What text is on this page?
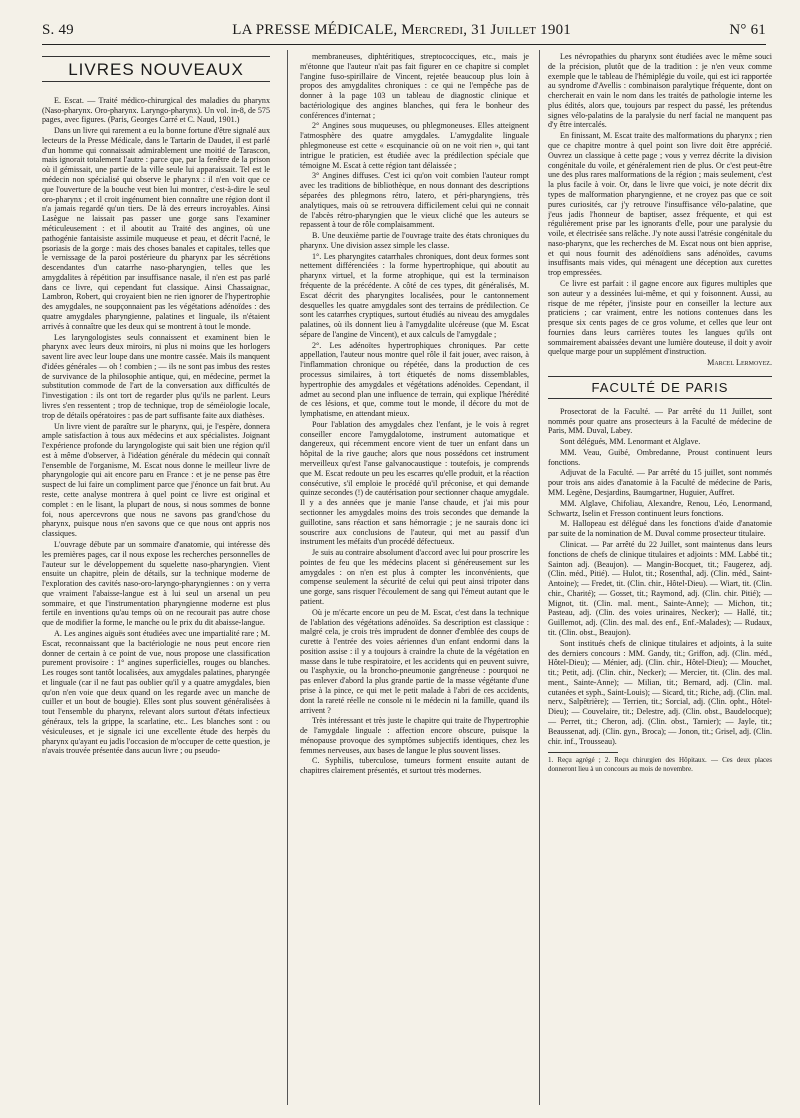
S. 49	LA PRESSE MÉDICALE, Mercredi, 31 Juillet 1901	N° 61
LIVRES NOUVEAUX

E. Escat. — Traité médico-chirurgical des maladies du pharynx (Naso-pharynx. Oro-pharynx. Laryngo-pharynx). Un vol. in-8, de 575 pages, avec figures. (Paris, Georges Carré et C. Naud, 1901.)

Dans un livre qui rarement a eu la bonne fortune d'être signalé aux lecteurs de la Presse Médicale, dans le Tartarin de Daudet, il est parlé d'un homme qui connaissait admirablement une moitié de Tarascon, mais ignorait totalement l'autre : parce que, par la fenêtre de la prison où il gémissait, une partie de la ville seule lui apparaissait. Tel est le médecin non spécialisé qui observe le pharynx : il n'en voit que ce que l'ouverture de la bouche veut bien lui montrer, c'est-à-dire le seul oro-pharynx ; et il croit ingénument bien connaître une région dont il n'a jamais regardé qu'un tiers. De là des erreurs incroyables. Ainsi Lasègue ne laissait pas passer une gorge sans l'examiner méticuleusement : et il aboutit au Traité des angines, où une pathogénie fantaisiste assimile muqueuse et peau, et décrit l'acné, le psoriasis de la gorge : mais des choses banales et capitales, telles que le vernissage de la paroi postérieure du pharynx par les sécrétions descendantes d'un catarrhe naso-pharyngien, telles que les amygdalites à répétition par insuffisance nasale, il n'en est pas parlé dans ce livre, qui cependant fut classique. Ainsi Chassaignac, Lambron, Robert, qui croyaient bien ne rien ignorer de l'hypertrophie des amygdales, ne soupçonnaient pas les végétations adénoïdes : des quatre amygdales pharyngienne, palatines et linguale, ils n'étaient arrivés à connaître que les deux qui se montrent à tout le monde.

Les laryngologistes seuls connaissent et examinent bien le pharynx avec leurs deux miroirs, ni plus ni moins que les horlogers savent lire avec leur loupe dans une montre cassée. Mais ils manquent d'idées générales — oh ! combien ; — ils ne sont pas imbus des restes de survivance de la philosophie antique, qui, en médecine, permet la substitution commode de l'art de la conversation aux difficultés de l'investigation : ils ont tort de regarder plus qu'ils ne parlent. Leurs livres s'en ressentent ; trop de technique, trop de séméiologie locale, trop de détails opératoires : pas de part suffisante faite aux diathèses.

Un livre vient de paraître sur le pharynx, qui, je l'espère, donnera ample satisfaction à tous aux médecins et aux spécialistes. Joignant l'expérience profonde du laryngologiste qui sait bien une région qu'il est à même d'observer, à l'idéation générale du médecin qui connaît l'ensemble de l'organisme, M. Escat nous donne le meilleur livre de pharyngologie qui ait encore paru en France : et je ne pense pas être suspect de lui faire un compliment parce que j'énonce un fait brut. Au reste, cette analyse montrera à quel point ce livre est original et complet : en le lisant, la plupart de nous, si nous sommes de bonne foi, nous apercevrons que nous ne savons pas grand'chose du pharynx, puisque nous n'en savons que ce que nous ont appris nos classiques.

L'ouvrage débute par un sommaire d'anatomie, qui intéresse dès les premières pages, car il nous expose les recherches personnelles de l'auteur sur le développement du squelette naso-pharyngien. Vient ensuite un chapitre, plein de détails, sur la technique moderne de l'exploration des cavités naso-oro-laryngo-pharyngiennes : on y verra que vraiment l'abaisse-langue est à lui seul un arsenal un peu sommaire, et que l'instrumentation pharyngienne moderne est plus fertile en inventions qu'au temps où on ne recourait pas autre chose que de modifier la forme, le manche ou le prix du dit abaisse-langue.

A. Les angines aiguës sont étudiées avec une impartialité rare ; M. Escat, reconnaissant que la bactériologie ne nous peut encore rien donner de certain à ce point de vue, nous propose une classification purement provisoire : 1° angines superficielles, rouges ou blanches. Les rouges sont tantôt localisées, aux amygdales palatines, pharyngée et linguale (car il ne faut pas oublier qu'il y a quatre amygdales, bien qu'on n'en voie que deux quand on les regarde avec un manche de cuiller et un bout de bougie). Elles sont plus souvent généralisées à tout l'ensemble du pharynx, relevant alors surtout d'états infectieux généraux, tels la grippe, la scarlatine, etc.. Les blanches sont : ou vésiculeuses, et je signale ici une excellente étude des herpès du pharynx qu'ayant eu jadis l'occasion de m'occuper de cette question, je n'avais trouvée présentée dans aucun livre ; ou pseudo-

membraneuses, diphtéritiques, streptococciques, etc., mais je m'étonne que l'auteur n'ait pas fait figurer en ce chapitre si complet l'angine fuso-spirillaire de Vincent, rejetée beaucoup plus loin à propos des amygdalites chroniques : ce qui ne l'empêche pas de donner à la page 103 un tableau de diagnostic clinique et bactériologique des angines blanches, qui fera le bonheur des conférences d'internat ;

2° Angines sous muqueuses, ou phlegmoneuses. Elles atteignent l'atmosphère des quatre amygdales. L'amygdalite linguale phlegmoneuse est cette « escquinancie où on ne voit rien », qui tant intrigue le praticien, est étudiée avec la prédilection spéciale que témoigne M. Escat à cette région tant délaissée ;

3° Angines diffuses. C'est ici qu'on voit combien l'auteur rompt avec les traditions de bibliothèque, en nous donnant des descriptions séparées des phlegmons rétro, latero, et péri-pharyngiens, très analytiques, mais où se retrouvera difficilement celui qui ne connait de l'abcès rétro-pharyngien que le vieux cliché que les auteurs se repassent à tour de rôle complaisamment.

B. Une deuxième partie de l'ouvrage traite des états chroniques du pharynx. Une division assez simple les classe.

1°. Les pharyngites catarrhales chroniques, dont deux formes sont nettement différenciées : la forme hypertrophique, qui aboutit au pharynx virtuel, et la forme atrophique, qui est la terminaison fréquente de la précédente. A côté de ces types, dit généralisés, M. Escat décrit des pharyngites localisées, pour le cantonnement desquelles les quatre amygdales sont des terrains de prédilection. Ce sont les catarrhes cryptiques, surtout étudiés au niveau des amygdales palatines, où ils donnent lieu à l'amygdalite ulcéreuse (que M. Escat sépare de l'angine de Vincent), et aux calculs de l'amygdale ;

2°. Les adénoïtes hypertrophiques chroniques. Par cette appellation, l'auteur nous montre quel rôle il fait jouer, avec raison, à l'inflammation chronique ou répétée, dans la production de ces processus similaires, à tort étiquetés de noms dissemblables, hypertrophie des amygdales et végétations adénoïdes. Cependant, il admet au second plan une influence de terrain, qui explique l'hérédité de ces lésions, et que, comme tout le monde, il décore du mot de lymphatisme, en attendant mieux.

Pour l'ablation des amygdales chez l'enfant, je le vois à regret conseiller encore l'amygdalotome, instrument automatique et dangereux, qui récemment encore vient de tuer un enfant dans un hôpital de la rive gauche; alors que nous possédons cet instrument merveilleux qu'est l'anse galvanocaustique : toutefois, je comprends que M. Escat redoute un peu les escarres qu'elle produit, et la réaction consécutive, s'il emploie le procédé qu'il préconise, et qui demande quinze secondes (!) de cautérisation pour sectionner chaque amygdale. Il y a des années que je manie l'anse chaude, et j'ai mis pour sectionner les amygdales moins des trois secondes que demande la guillotine, sans réaction et sans hémorragie ; je ne saurais donc ici souscrire aux conclusions de l'auteur, qui met au passif d'un instrument les méfaits d'un procédé défectueux.

Je suis au contraire absolument d'accord avec lui pour proscrire les pointes de feu que les médecins placent si généreusement sur les amygdales : on n'en est plus à compter les inconvénients, que compense seulement la sécurité de celui qui peut ainsi tripoter dans une gorge, sans risquer l'écoulement de sang qui l'émeut autant que le patient.

Où je m'écarte encore un peu de M. Escat, c'est dans la technique de l'ablation des végétations adénoïdes. Sa description est classique : malgré cela, je crois très imprudent de donner d'emblée des coups de curette à l'entrée des voies aériennes d'un enfant endormi dans la position assise : il y a toujours à craindre la chute de la végétation en masse dans le tube respiratoire, et les accidents qui en peuvent suivre, ou l'asphyxie, ou la broncho-pneumonie gangréneuse : pourquoi ne pas enlever d'abord la plus grande partie de la masse végétante d'une prise à la pince, ce qui met le petit malade à l'abri de ces accidents, dont la rareté réelle ne console ni le médecin ni la famille, quand ils arrivent ?

Très intéressant et très juste le chapitre qui traite de l'hypertrophie de l'amygdale linguale : affection encore obscure, puisque la ménopause provoque des symptômes subjectifs identiques, chez les femmes nerveuses, aux bases de langue le plus souvent lisses.

C. Syphilis, tuberculose, tumeurs forment ensuite autant de chapitres clairement présentés, et surtout très modernes.

Les névropathies du pharynx sont étudiées avec le même souci de la précision, plutôt que de la tradition : je n'en veux comme exemple que le tableau de l'hémiplégie du voile, qui est ici rapportée au syndrome d'Avellis : combinaison paralytique fréquente, dont on chercherait en vain le nom dans les traités de pathologie interne les plus édités, alors que, toujours par respect du passé, les prétendus signes vélo-palatins de la paralysie du nerf facial ne manquent pas d'y être intercalés.

En finissant, M. Escat traite des malformations du pharynx ; rien que ce chapitre montre à quel point son livre doit être apprécié. Ouvrez un classique à cette page ; vous y verrez décrite la division congénitale du voile, et généralement rien de plus. Or c'est peut-être une des plus rares malformations de la région ; mais seulement, c'est la plus facile à voir. Or, dans le livre que voici, je note décrit dix types de malformation pharyngienne, et ne croyez pas que ce soit pures curiosités, car j'y retrouve l'insuffisance vélo-palatine, que j'eus jadis l'honneur de baptiser, assez fréquente, et qui est régulièrement prise par les ignorants d'elle, pour une paralysie du voile, et électrisée sans relâche. J'y note aussi l'atrésie congénitale du naso-pharynx, que les recherches de M. Escat nous ont bien apprise, et qui nous fournit des adénoïdiens sans adénoïdes, cavums insuffisants mais vides, qui ménagent une déception aux curettes trop empressées.

Ce livre est parfait : il gagne encore aux figures multiples que son auteur y a dessinées lui-même, et qui y foisonnent. Aussi, au risque de me répéter, j'insiste pour en conseiller la lecture aux praticiens ; car vraiment, entre les notions contenues dans les presque six cents pages de ce gros volume, et celles que leur ont fournies dans leurs carrières toutes les langues qu'ils ont sommairement abaissées devant une lumière douteuse, il doit y avoir quelque marge pour un supplément d'instruction.

Marcel Lermoyez.

FACULTÉ DE PARIS

Prosectorat de la Faculté. — Par arrêté du 11 Juillet, sont nommés pour quatre ans prosecteurs à la Faculté de médecine de Paris, MM. Duval, Labey.

Sont délégués, MM. Lenormant et Alglave.

MM. Veau, Guibé, Ombredanne, Proust continuent leurs fonctions.

Adjuvat de la Faculté. — Par arrêté du 15 juillet, sont nommés pour trois ans aides d'anatomie à la Faculté de médecine de Paris, MM. Legène, Desjardins, Baumgartner, Huguier, Auffret.

MM. Alglave, Chifoliau, Alexandre, Renou, Léo, Lenormand, Schwartz, Iselin et Fresson continuent leurs fonctions.

M. Hallopeau est délégué dans les fonctions d'aide d'anatomie par suite de la nomination de M. Duval comme prosecteur titulaire.

Clinicat. — Par arrêté du 22 Juillet, sont maintenus dans leurs fonctions de chefs de clinique titulaires et adjoints : MM. Labbé tit.; Sainton adj. (Beaujon). — Mangin-Bocquet, tit.; Faugerez, adj. (Clin. méd., Pitié). — Hulot, tit.; Rosenthal, adj. (Clin. méd., Saint-Antoine); — Fredet, tit. (Clin. chir., Hôtel-Dieu). — Wiart, tit. (Clin. chir., Charité); — Gosset, tit.; Raymond, adj. (Clin. chir. Pitié); — Mignot, tit. (Clin. mal. ment., Sainte-Anne); — Michon, tit.; Pasteau, adj. (Clin. des voies urinaires, Necker); — Hallé, tit.; Guillemot, adj. (Clin. des mal. des enf., Enf.-Malades); — Rudaux, tit. (Clin. obst., Beaujon).

Sont institués chefs de clinique titulaires et adjoints, à la suite des derniers concours : MM. Gandy, tit.; Griffon, adj. (Clin. méd., Hôtel-Dieu); — Ménier, adj. (Clin. chir., Hôtel-Dieu); — Mouchet, tit.; Petit, adj. (Clin. chir., Necker); — Mercier, tit. (Clin. des mal. ment., Sainte-Anne); — Milian, tit.; Bernard, adj. (Clin. mal. cutanées et syph., Saint-Louis); — Sicard, tit.; Riche, adj. (Clin. mal. nerv., Salpêtrière); — Terrien, tit.; Sorcial, adj. (Clin. opht., Hôtel-Dieu); — Couvelaire, tit.; Delestre, adj. (Clin. obst., Baudelocque); — Perret, tit.; Cheron, adj. (Clin. obst., Tarnier); — Jayle, tit.; Beaussenat, adj. (Clin. gyn., Broca); — Jonon, tit.; Grisel, adj. (Clin. chir. inf., Trousseau).

1. Reçu agrégé ; 2. Reçu chirurgien des Hôpitaux. — Ces deux places donneront lieu à un concours au mois de novembre.
